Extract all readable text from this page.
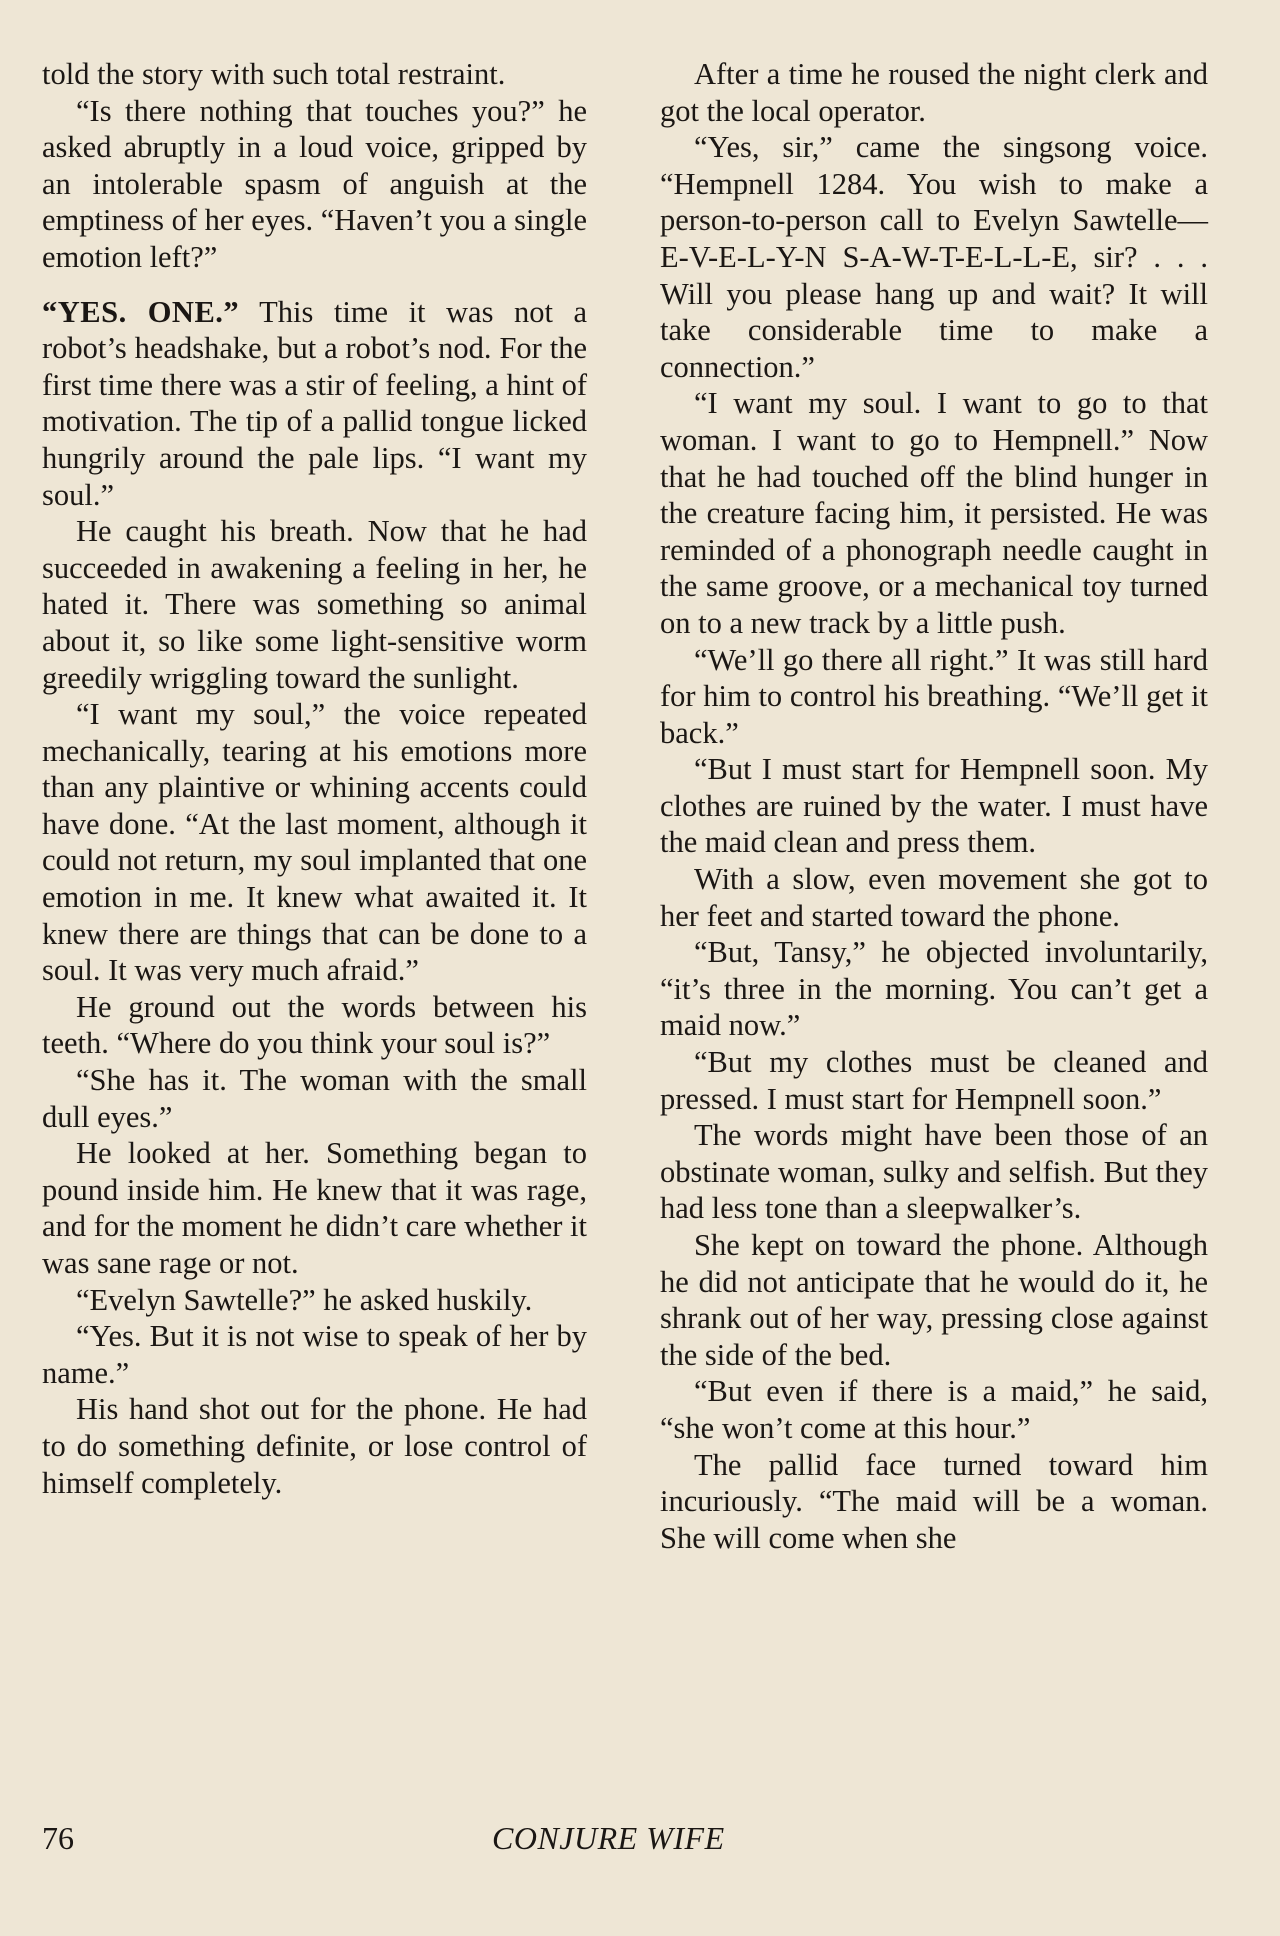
told the story with such total restraint.

“Is there nothing that touches you?” he asked abruptly in a loud voice, gripped by an intolerable spasm of anguish at the emptiness of her eyes. “Haven’t you a single emotion left?”

“YES. ONE.” This time it was not a robot’s headshake, but a robot’s nod. For the first time there was a stir of feeling, a hint of motivation. The tip of a pallid tongue licked hungrily around the pale lips. “I want my soul.”

He caught his breath. Now that he had succeeded in awakening a feeling in her, he hated it. There was something so animal about it, so like some light-sensitive worm greedily wriggling toward the sunlight.

“I want my soul,” the voice repeated mechanically, tearing at his emotions more than any plaintive or whining accents could have done. “At the last moment, although it could not return, my soul implanted that one emotion in me. It knew what awaited it. It knew there are things that can be done to a soul. It was very much afraid.”

He ground out the words between his teeth. “Where do you think your soul is?”

“She has it. The woman with the small dull eyes.”

He looked at her. Something began to pound inside him. He knew that it was rage, and for the moment he didn’t care whether it was sane rage or not.

“Evelyn Sawtelle?” he asked huskily.

“Yes. But it is not wise to speak of her by name.”

His hand shot out for the phone. He had to do something definite, or lose control of himself completely.

After a time he roused the night clerk and got the local operator.

“Yes, sir,” came the singsong voice. “Hempnell 1284. You wish to make a person-to-person call to Evelyn Sawtelle—E-V-E-L-Y-N S-A-W-T-E-L-L-E, sir? . . . Will you please hang up and wait? It will take considerable time to make a connection.”

“I want my soul. I want to go to that woman. I want to go to Hempnell.” Now that he had touched off the blind hunger in the creature facing him, it persisted. He was reminded of a phonograph needle caught in the same groove, or a mechanical toy turned on to a new track by a little push.

“We’ll go there all right.” It was still hard for him to control his breathing. “We’ll get it back.”

“But I must start for Hempnell soon. My clothes are ruined by the water. I must have the maid clean and press them.

With a slow, even movement she got to her feet and started toward the phone.

“But, Tansy,” he objected involuntarily, “it’s three in the morning. You can’t get a maid now.”

“But my clothes must be cleaned and pressed. I must start for Hempnell soon.”

The words might have been those of an obstinate woman, sulky and selfish. But they had less tone than a sleepwalker’s.

She kept on toward the phone. Although he did not anticipate that he would do it, he shrank out of her way, pressing close against the side of the bed.

“But even if there is a maid,” he said, “she won’t come at this hour.”

The pallid face turned toward him incuriously. “The maid will be a woman. She will come when she

76	CONJURE WIFE
